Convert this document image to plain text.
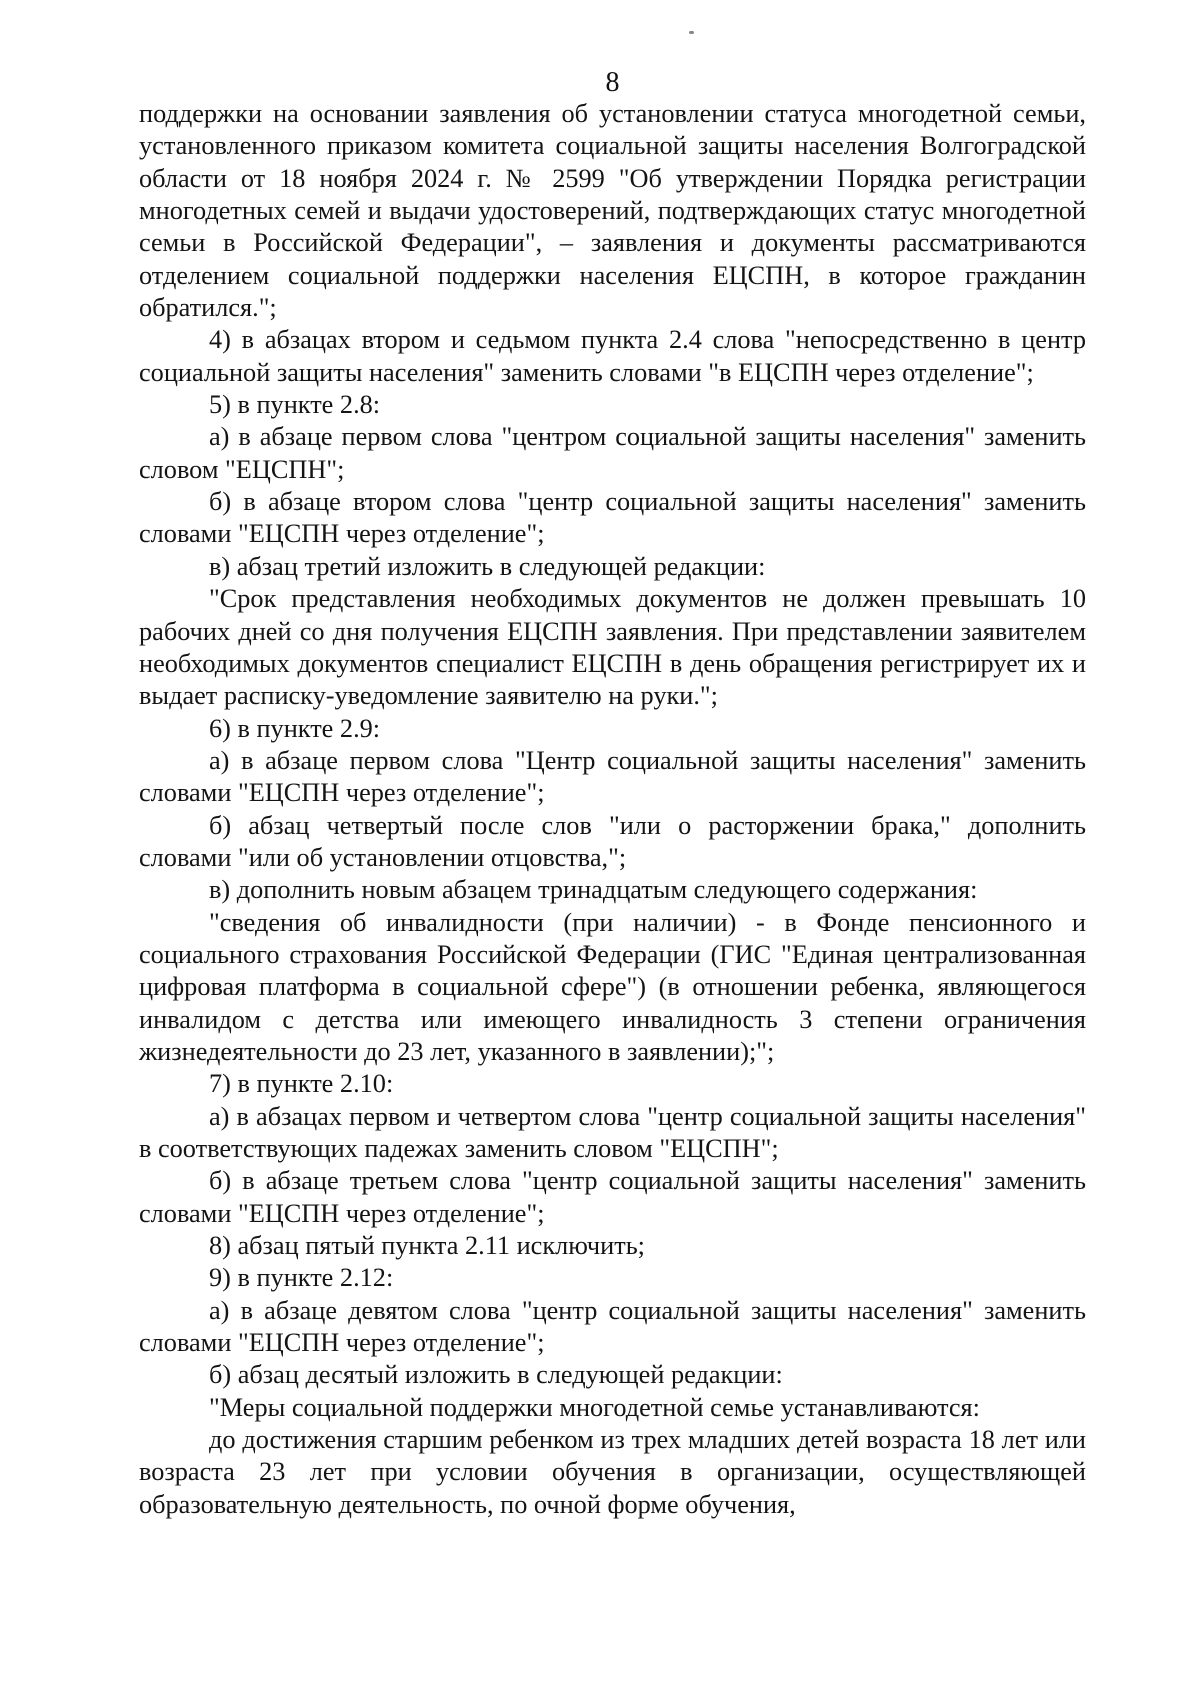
8

поддержки на основании заявления об установлении статуса многодетной семьи, установленного приказом комитета социальной защиты населения Волгоградской области от 18 ноября 2024 г. № 2599 "Об утверждении Порядка регистрации многодетных семей и выдачи удостоверений, подтверждающих статус многодетной семьи в Российской Федерации", – заявления и документы рассматриваются отделением социальной поддержки населения ЕЦСПН, в которое гражданин обратился.";

4) в абзацах втором и седьмом пункта 2.4 слова "непосредственно в центр социальной защиты населения" заменить словами "в ЕЦСПН через отделение";

5) в пункте 2.8:

а) в абзаце первом слова "центром социальной защиты населения" заменить словом "ЕЦСПН";

б) в абзаце втором слова "центр социальной защиты населения" заменить словами "ЕЦСПН через отделение";

в) абзац третий изложить в следующей редакции:

"Срок представления необходимых документов не должен превышать 10 рабочих дней со дня получения ЕЦСПН заявления. При представлении заявителем необходимых документов специалист ЕЦСПН в день обращения регистрирует их и выдает расписку-уведомление заявителю на руки.";

6) в пункте 2.9:

а) в абзаце первом слова "Центр социальной защиты населения" заменить словами "ЕЦСПН через отделение";

б) абзац четвертый после слов "или о расторжении брака," дополнить словами "или об установлении отцовства,";

в) дополнить новым абзацем тринадцатым следующего содержания:

"сведения об инвалидности (при наличии) - в Фонде пенсионного и социального страхования Российской Федерации (ГИС "Единая централизованная цифровая платформа в социальной сфере") (в отношении ребенка, являющегося инвалидом с детства или имеющего инвалидность 3 степени ограничения жизнедеятельности до 23 лет, указанного в заявлении);";

7) в пункте 2.10:

а) в абзацах первом и четвертом слова "центр социальной защиты населения" в соответствующих падежах заменить словом "ЕЦСПН";

б) в абзаце третьем слова "центр социальной защиты населения" заменить словами "ЕЦСПН через отделение";

8) абзац пятый пункта 2.11 исключить;

9) в пункте 2.12:

а) в абзаце девятом слова "центр социальной защиты населения" заменить словами "ЕЦСПН через отделение";

б) абзац десятый изложить в следующей редакции:

"Меры социальной поддержки многодетной семье устанавливаются:

до достижения старшим ребенком из трех младших детей возраста 18 лет или возраста 23 лет при условии обучения в организации, осуществляющей образовательную деятельность, по очной форме обучения,
